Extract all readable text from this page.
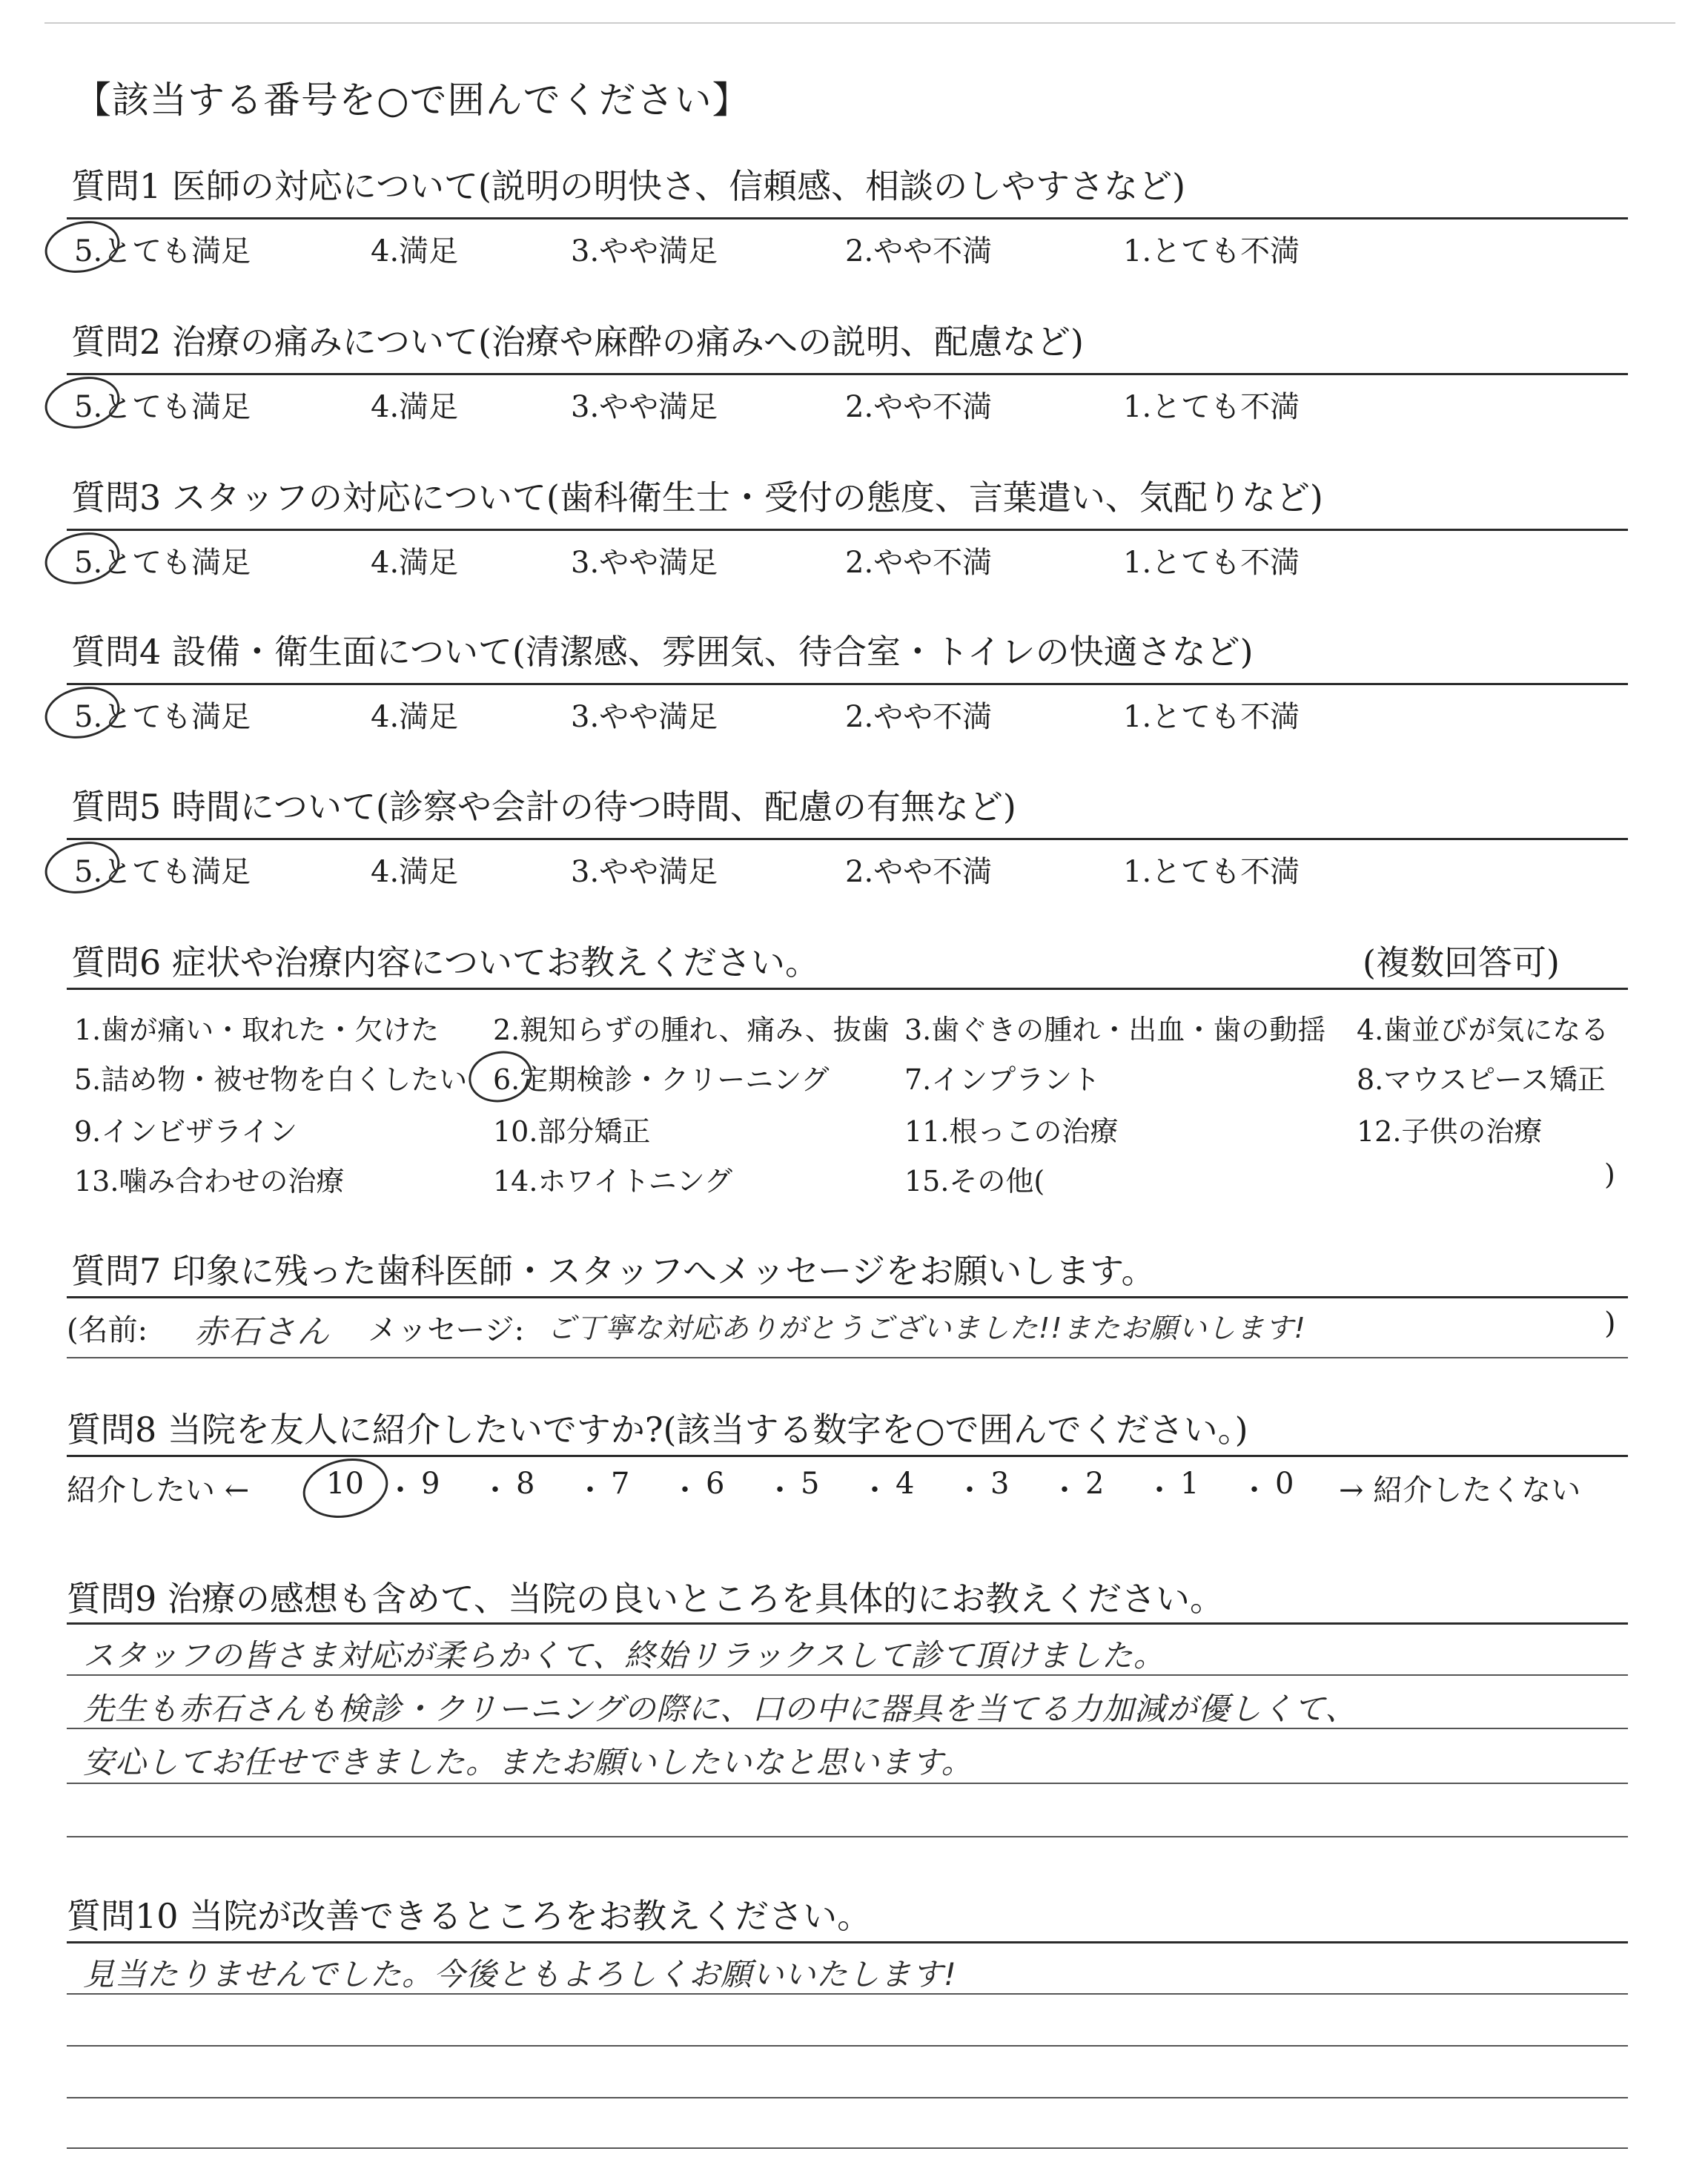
【該当する番号を○で囲んでください】
質問6 症状や治療内容についてお教えください。	(複数回答可)
質問7 印象に残った歯科医師・スタッフへメッセージをお願いします。
(名前: 赤石さん メッセージ: ご丁寧な対応ありがとうございました!!またお願いします!	)
質問8 当院を友人に紹介したいですか?(該当する数字を○で囲んでください。)
紹介したい ←	→ 紹介したくない
質問9 治療の感想も含めて、当院の良いところを具体的にお教えください。
質問10 当院が改善できるところをお教えください。
質問1 医師の対応について(説明の明快さ、信頼感、相談のしやすさなど)
5.とても満足	4.満足	3.やや満足	2.やや不満	1.とても不満
質問2 治療の痛みについて(治療や麻酔の痛みへの説明、配慮など)
5.とても満足	4.満足	3.やや満足	2.やや不満	1.とても不満
質問3 スタッフの対応について(歯科衛生士・受付の態度、言葉遣い、気配りなど)
5.とても満足	4.満足	3.やや満足	2.やや不満	1.とても不満
質問4 設備・衛生面について(清潔感、雰囲気、待合室・トイレの快適さなど)
5.とても満足	4.満足	3.やや満足	2.やや不満	1.とても不満
質問5 時間について(診察や会計の待つ時間、配慮の有無など)
5.とても満足	4.満足	3.やや満足	2.やや不満	1.とても不満
1.歯が痛い・取れた・欠けた 2.親知らずの腫れ、痛み、抜歯 3.歯ぐきの腫れ・出血・歯の動揺 4.歯並びが気になる
5.詰め物・被せ物を白くしたい 6.定期検診・クリーニング	7.インプラント	8.マウスピース矯正
9.インビザライン	10.部分矯正	11.根っこの治療	12.子供の治療
13.噛み合わせの治療	14.ホワイトニング	15.その他(	)
10 ・ 9 ・ 8 ・ 7 ・ 6 ・ 5 ・ 4 ・ 3 ・ 2 ・ 1 ・ 0
スタッフの皆さま対応が柔らかくて、終始リラックスして診て頂けました。
先生も赤石さんも検診・クリーニングの際に、口の中に器具を当てる力加減が優しくて、
安心してお任せできました。またお願いしたいなと思います。
見当たりませんでした。今後ともよろしくお願いいたします!
